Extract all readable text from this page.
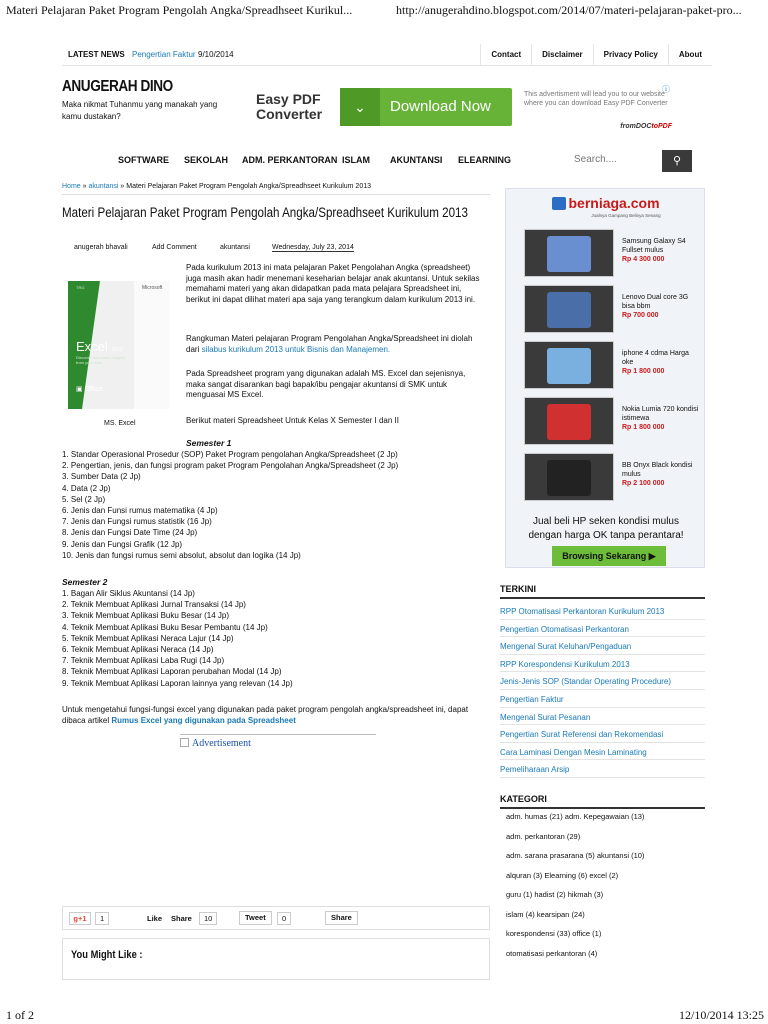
Materi Pelajaran Paket Program Pengolah Angka/Spreadhseet Kurikul...	http://anugerahdino.blogspot.com/2014/07/materi-pelajaran-paket-pro...
LATEST NEWS Pengertian Faktur 9/10/2014	Contact	Disclaimer	Privacy Policy	About
ANUGERAH DINO
Maka nikmat Tuhanmu yang manakah yang kamu dustakan?
Easy PDF
Converter	⌄	Download Now
This advertisment will lead you to our website where you can download Easy PDF Converter
fromDOCtoPDF
ⓘ
SOFTWARE SEKOLAH ADM. PERKANTORAN ISLAM AKUNTANSI ELEARNING	Search....	⚲
Home » akuntansi » Materi Pelajaran Paket Program Pengolah Angka/Spreadhseet Kurikulum 2013
Materi Pelajaran Paket Program Pengolah Angka/Spreadhseet Kurikulum 2013
anugerah bhavali	Add Comment	akuntansi	Wednesday, July 23, 2014
TRG	Microsoft
Excel 2013
Discover and share insights from your data.
▣ Office
MS. Excel
Pada kurikulum 2013 ini mata pelajaran Paket Pengolahan Angka (spreadsheet) juga masih akan hadir menemani keseharian belajar anak akuntansi. Untuk sekilas memahami materi yang akan didapatkan pada mata pelajara Spreadsheet ini, berikut ini dapat dilihat materi apa saja yang terangkum dalam kurikulum 2013 ini.
Rangkuman Materi pelajaran Program Pengolahan Angka/Spreadsheet ini diolah dari silabus kurikulum 2013 untuk Bisnis dan Manajemen.
Pada Spreadsheet program yang digunakan adalah MS. Excel dan sejenisnya, maka sangat disarankan bagi bapak/ibu pengajar akuntansi di SMK untuk menguasai MS Excel.
Berikut materi Spreadsheet Untuk Kelas X Semester I dan II
Semester 1
1. Standar Operasional Prosedur (SOP) Paket Program pengolahan Angka/Spreadsheet (2 Jp)
2. Pengertian, jenis, dan fungsi program paket Program Pengolahan Angka/Spreadsheet (2 Jp)
3. Sumber Data (2 Jp)
4. Data (2 Jp)
5. Sel (2 Jp)
6. Jenis dan Funsi rumus matematika (4 Jp)
7. Jenis dan Fungsi rumus statistik (16 Jp)
8. Jenis dan Fungsi Date Time (24 Jp)
9. Jenis dan Fungsi Grafik (12 Jp)
10. Jenis dan fungsi rumus semi absolut, absolut dan logika (14 Jp)
Semester 2
1. Bagan Alir Siklus Akuntansi (14 Jp)
2. Teknik Membuat Aplikasi Jurnal Transaksi (14 Jp)
3. Teknik Membuat Aplikasi Buku Besar (14 Jp)
4. Teknik Membuat Aplikasi Buku Besar Pembantu (14 Jp)
5. Teknik Membuat Aplikasi Neraca Lajur (14 Jp)
6. Teknik Membuat Aplikasi Neraca (14 Jp)
7. Teknik Membuat Aplikasi Laba Rugi (14 Jp)
8. Teknik Membuat Aplikasi Laporan perubahan Modal (14 Jp)
9. Teknik Membuat Aplikasi Laporan lainnya yang relevan (14 Jp)
Untuk mengetahui fungsi-fungsi excel yang digunakan pada paket program pengolah angka/spreadsheet ini, dapat dibaca artikel Rumus Excel yang digunakan pada Spreadsheet
Advertisement
g+1	1	Like Share	10	Tweet	0	Share
You Might Like :
berniaga.com
Jualnya Gampang Belinya Senang
Samsung Galaxy S4 Fullset mulus
Rp 4 300 000
Lenovo Dual core 3G bisa bbm
Rp 700 000
iphone 4 cdma Harga oke
Rp 1 800 000
Nokia Lumia 720 kondisi istimewa
Rp 1 800 000
BB Onyx Black kondisi mulus
Rp 2 100 000
Jual beli HP seken kondisi mulus
dengan harga OK tanpa perantara!
Browsing Sekarang ▶
TERKINI
RPP Otomatisasi Perkantoran Kurikulum 2013
Pengertian Otomatisasi Perkantoran
Mengenal Surat Keluhan/Pengaduan
RPP Korespondensi Kurikulum 2013
Jenis-Jenis SOP (Standar Operating Procedure)
Pengertian Faktur
Mengenal Surat Pesanan
Pengertian Surat Referensi dan Rekomendasi
Cara Laminasi Dengan Mesin Laminating
Pemeliharaan Arsip
KATEGORI
adm. humas (21) adm. Kepegawaian (13)
adm. perkantoran (29)
adm. sarana prasarana (5) akuntansi (10)
alquran (3) Elearning (6) excel (2)
guru (1) hadist (2) hikmah (3)
islam (4) kearsipan (24)
korespondensi (33) office (1)
otomatisasi perkantoran (4)
1 of 2	12/10/2014 13:25
